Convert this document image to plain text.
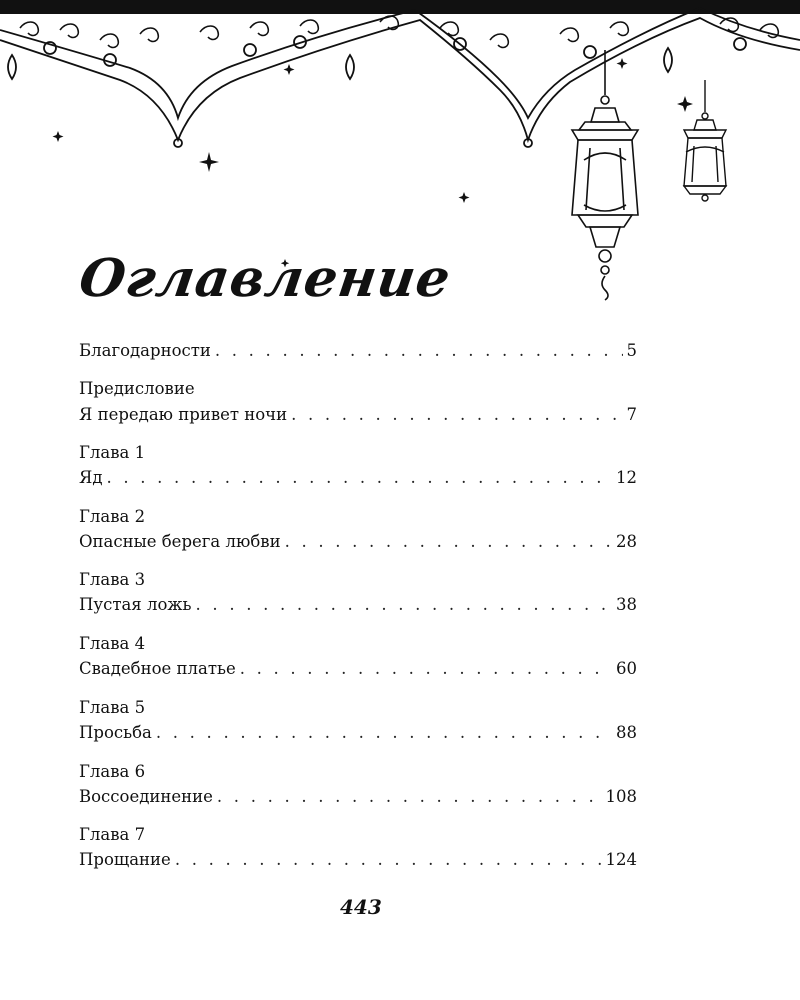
Оглавление
Благодарности . . .	5
Предисловие
Я передаю привет ночи . . .	7
Глава 1
Яд . . .	12
Глава 2
Опасные берега любви . . .	28
Глава 3
Пустая ложь . . .	38
Глава 4
Свадебное платье . . .	60
Глава 5
Просьба . . .	88
Глава 6
Воссоединение . . .	108
Глава 7
Прощание . . .	124
443
